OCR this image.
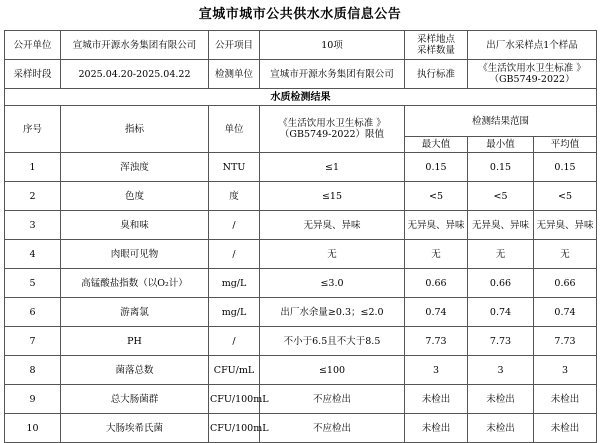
宣城市城市公共供水水质信息公告
公开单位	宣城市开源水务集团有限公司	公开项目	10项	采样地点
采样数量	出厂水采样点1个样品	
采样时段	2025.04.20-2025.04.22	检测单位	宣城市开源水务集团有限公司	执行标准	《生活饮用水卫生标准 》
（GB5749-2022）	

水质检测结果						
序号	指标	单位	《生活饮用水卫生标准 》
（GB5749-2022）限值	检测结果范围		
				最大值	最小值	平均值
1	浑浊度	NTU	≤1	0.15	0.15	0.15
2	色度	度	≤15	<5	<5	<5
3	臭和味	/	无异臭、异味	无异臭、异味	无异臭、异味	无异臭、异味
4	肉眼可见物	/	无	无	无	无
5	高锰酸盐指数（以O₂计）	mg/L	≤3.0	0.66	0.66	0.66
6	游离氯	mg/L	出厂水余量≥0.3；≤2.0	0.74	0.74	0.74
7	PH	/	不小于6.5且不大于8.5	7.73	7.73	7.73
8	菌落总数	CFU/mL	≤100	3	3	3
9	总大肠菌群	CFU/100mL	不应检出	未检出	未检出	未检出
10	大肠埃希氏菌	CFU/100mL	不应检出	未检出	未检出	未检出
